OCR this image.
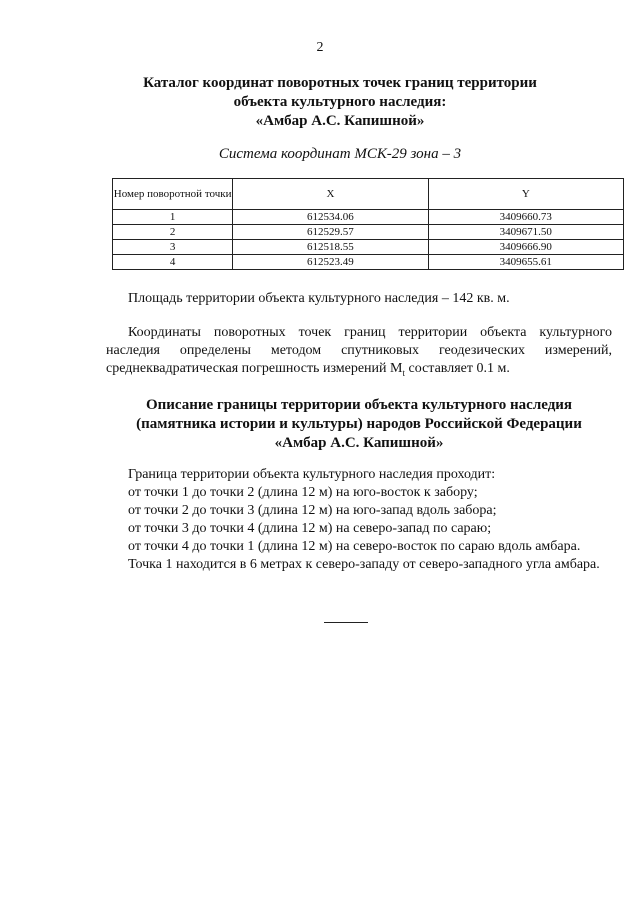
2
Каталог координат поворотных точек границ территории
объекта культурного наследия:
«Амбар А.С. Капишной»
Система координат МСК-29 зона – 3
Номер поворотной точки	X	Y
1	612534.06	3409660.73
2	612529.57	3409671.50
3	612518.55	3409666.90
4	612523.49	3409655.61
Площадь территории объекта культурного наследия – 142 кв. м.
Координаты поворотных точек границ территории объекта культурного наследия определены методом спутниковых геодезических измерений, среднеквадратическая погрешность измерений $M_t$ составляет 0.1 м.
Описание границы территории объекта культурного наследия
(памятника истории и культуры) народов Российской Федерации
«Амбар А.С. Капишной»
Граница территории объекта культурного наследия проходит:
от точки 1 до точки 2 (длина 12 м) на юго-восток к забору;
от точки 2 до точки 3 (длина 12 м) на юго-запад вдоль забора;
от точки 3 до точки 4 (длина 12 м) на северо-запад по сараю;
от точки 4 до точки 1 (длина 12 м) на северо-восток по сараю вдоль амбара.
Точка 1 находится в 6 метрах к северо-западу от северо-западного угла амбара.
